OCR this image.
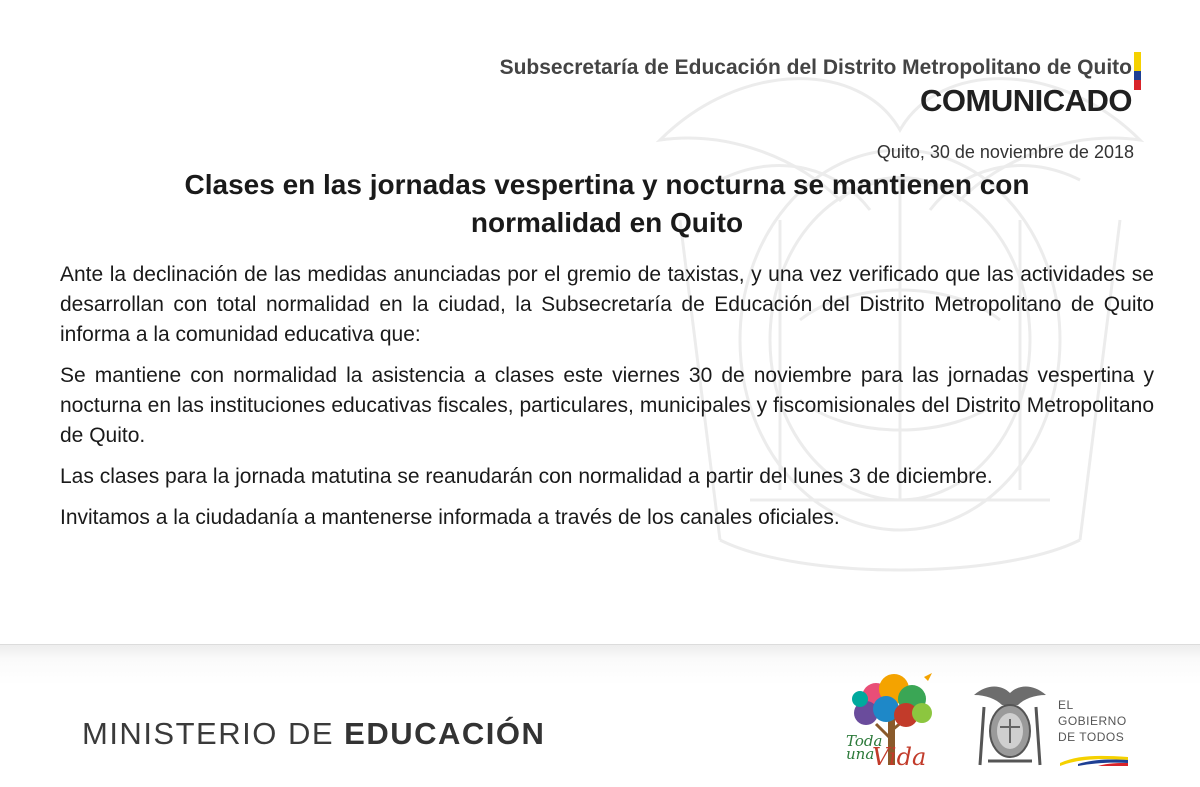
Subsecretaría de Educación del Distrito Metropolitano de Quito
COMUNICADO
Quito, 30 de noviembre de 2018
Clases en las jornadas vespertina y nocturna se mantienen con
normalidad en Quito

Ante la declinación de las medidas anunciadas por el gremio de taxistas, y una vez verificado que las actividades se desarrollan con total normalidad en la ciudad, la Subsecretaría de Educación del Distrito Metropolitano de Quito informa a la comunidad educativa que:

Se mantiene con normalidad la asistencia a clases este viernes 30 de noviembre para las jornadas vespertina y nocturna en las instituciones educativas fiscales, particulares, municipales y fiscomisionales del Distrito Metropolitano de Quito.

Las clases para la jornada matutina se reanudarán con normalidad a partir del lunes 3 de diciembre.

Invitamos a la ciudadanía a mantenerse informada a través de los canales oficiales.

MINISTERIO DE EDUCACIÓN	Toda
una
Vida
EL
GOBIERNO
DE TODOS
